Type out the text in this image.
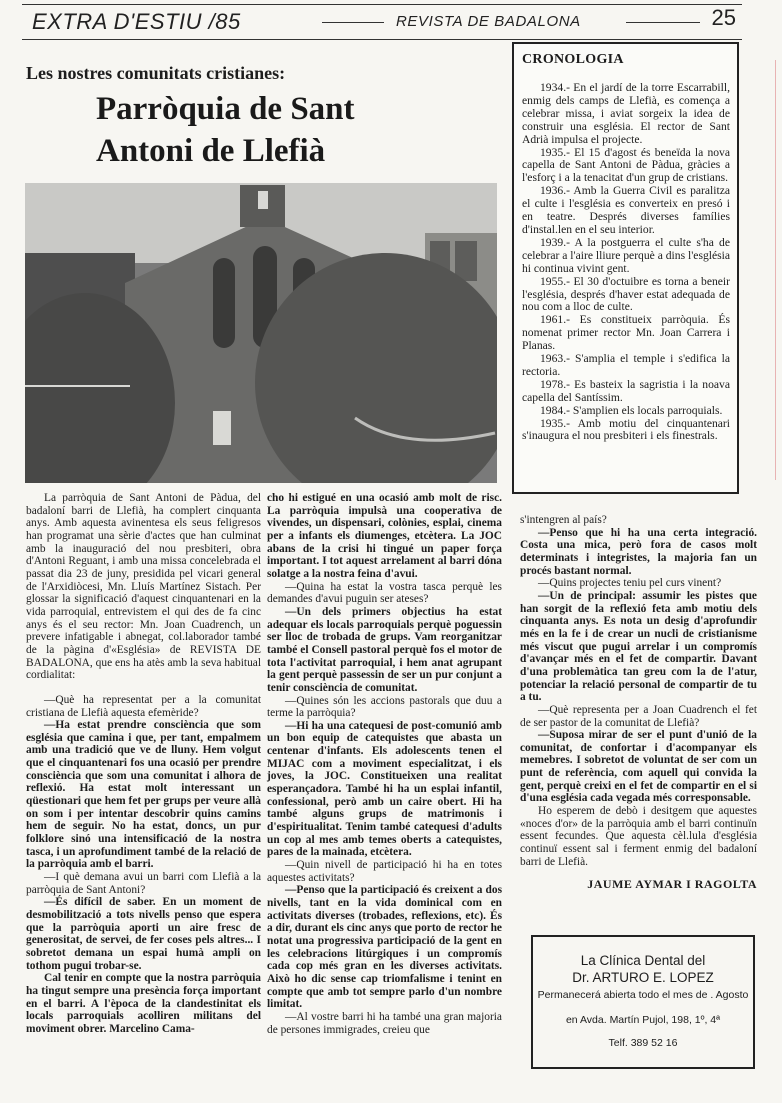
EXTRA D'ESTIU /85	REVISTA DE BADALONA	25
Les nostres comunitats cristianes:
Parròquia de Sant
Antoni de Llefià
CRONOLOGIA

1934.- En el jardí de la torre Escarrabill, enmig dels camps de Llefià, es comença a celebrar missa, i aviat sorgeix la idea de construir una església. El rector de Sant Adrià impulsa el projecte.

1935.- El 15 d'agost és beneïda la nova capella de Sant Antoni de Pàdua, gràcies a l'esforç i a la tenacitat d'un grup de cristians.

1936.- Amb la Guerra Civil es paralitza el culte i l'església es converteix en presó i en teatre. Després diverses famílies d'instal.len en el seu interior.

1939.- A la postguerra el culte s'ha de celebrar a l'aire lliure perquè a dins l'església hi continua vivint gent.

1955.- El 30 d'octuibre es torna a beneir l'església, després d'haver estat adequada de nou com a lloc de culte.

1961.- Es constitueix parròquia. És nomenat primer rector Mn. Joan Carrera i Planas.

1963.- S'amplia el temple i s'edifica la rectoria.

1978.- Es basteix la sagristia i la noava capella del Santíssim.

1984.- S'amplien els locals parroquials.

1935.- Amb motiu del cinquantenari s'inaugura el nou presbiteri i els finestrals.

La parròquia de Sant Antoni de Pàdua, del badaloní barri de Llefià, ha complert cinquanta anys. Amb aquesta avinentesa els seus feligresos han programat una sèrie d'actes que han culminat amb la inauguració del nou presbiteri, obra d'Antoni Reguant, i amb una missa concelebrada el passat dia 23 de juny, presidida pel vicari general de l'Arxidiòcesi, Mn. Lluís Martínez Sistach. Per glossar la significació d'aquest cinquantenari en la vida parroquial, entrevistem el qui des de fa cinc anys és el seu rector: Mn. Joan Cuadrench, un prevere infatigable i abnegat, col.laborador també de la pàgina d'«Església» de REVISTA DE BADALONA, que ens ha atès amb la seva habitual cordialitat:

—Què ha representat per a la comunitat cristiana de Llefià aquesta efemèride?

—Ha estat prendre consciència que som església que camina i que, per tant, empalmem amb una tradició que ve de lluny. Hem volgut que el cinquantenari fos una ocasió per prendre consciència que som una comunitat i alhora de reflexió. Ha estat molt interessant un qüestionari que hem fet per grups per veure allà on som i per intentar descobrir quins camins hem de seguir. No ha estat, doncs, un pur folklore sinó una intensificació de la nostra tasca, i un aprofundiment també de la relació de la parròquia amb el barri.

—I què demana avui un barri com Llefià a la parròquia de Sant Antoni?

—És difícil de saber. En un moment de desmobilització a tots nivells penso que espera que la parròquia aporti un aire fresc de generositat, de servei, de fer coses pels altres... I sobretot demana un espai humà ampli on tothom pugui trobar-se.

Cal tenir en compte que la nostra parròquia ha tingut sempre una presència força important en el barri. A l'època de la clandestinitat els locals parroquials acolliren militans del moviment obrer. Marcelino Cama-

cho hi estigué en una ocasió amb molt de risc. La parròquia impulsà una cooperativa de vivendes, un dispensari, colònies, esplai, cinema per a infants els diumenges, etcètera. La JOC abans de la crisi hi tingué un paper força important. I tot aquest arrelament al barri dóna solatge a la nostra feina d'avui.

—Quina ha estat la vostra tasca perquè les demandes d'avui puguin ser ateses?

—Un dels primers objectius ha estat adequar els locals parroquials perquè poguessin ser lloc de trobada de grups. Vam reorganitzar també el Consell pastoral perquè fos el motor de tota l'activitat parroquial, i hem anat agrupant la gent perquè passessin de ser un pur conjunt a tenir consciència de comunitat.

—Quines són les accions pastorals que duu a terme la parròquia?

—Hi ha una catequesi de post-comunió amb un bon equip de catequistes que abasta un centenar d'infants. Els adolescents tenen el MIJAC com a moviment especialitzat, i els joves, la JOC. Constitueixen una realitat esperançadora. També hi ha un esplai infantil, confessional, però amb un caire obert. Hi ha també alguns grups de matrimonis i d'espiritualitat. Tenim també catequesi d'adults un cop al mes amb temes oberts a catequistes, pares de la mainada, etcètera.

—Quin nivell de participació hi ha en totes aquestes activitats?

—Penso que la participació és creixent a dos nivells, tant en la vida dominical com en activitats diverses (trobades, reflexions, etc). És a dir, durant els cinc anys que porto de rector he notat una progressiva participació de la gent en les celebracions litúrgiques i un compromís cada cop més gran en les diverses activitats. Això ho dic sense cap triomfalisme i tenint en compte que amb tot sempre parlo d'un nombre limitat.

—Al vostre barri hi ha també una gran majoria de persones immigrades, creieu que

s'intengren al país?

—Penso que hi ha una certa integració. Costa una mica, però fora de casos molt determinats i integristes, la majoria fan un procés bastant normal.

—Quins projectes teniu pel curs vinent?

—Un de principal: assumir les pistes que han sorgit de la reflexió feta amb motiu dels cinquanta anys. Es nota un desig d'aprofundir més en la fe i de crear un nucli de cristianisme més viscut que pugui arrelar i un compromís d'avançar més en el fet de compartir. Davant d'una problemàtica tan greu com la de l'atur, potenciar la relació personal de compartir de tu a tu.

—Què representa per a Joan Cuadrench el fet de ser pastor de la comunitat de Llefià?

—Suposa mirar de ser el punt d'unió de la comunitat, de confortar i d'acompanyar els memebres. I sobretot de voluntat de ser com un punt de referència, com aquell qui convida la gent, perquè creixi en el fet de compartir en el si d'una església cada vegada més corresponsable.

Ho esperem de debò i desitgem que aquestes «noces d'or» de la parròquia amb el barri continuïn essent fecundes. Que aquesta cèl.lula d'església continuï essent sal i ferment enmig del badaloní barri de Llefià.

JAUME AYMAR I RAGOLTA
La Clínica Dental del
Dr. ARTURO E. LOPEZ
Permanecerá abierta todo el mes de . Agosto
en Avda. Martín Pujol, 198, 1º, 4ª
Telf. 389 52 16
